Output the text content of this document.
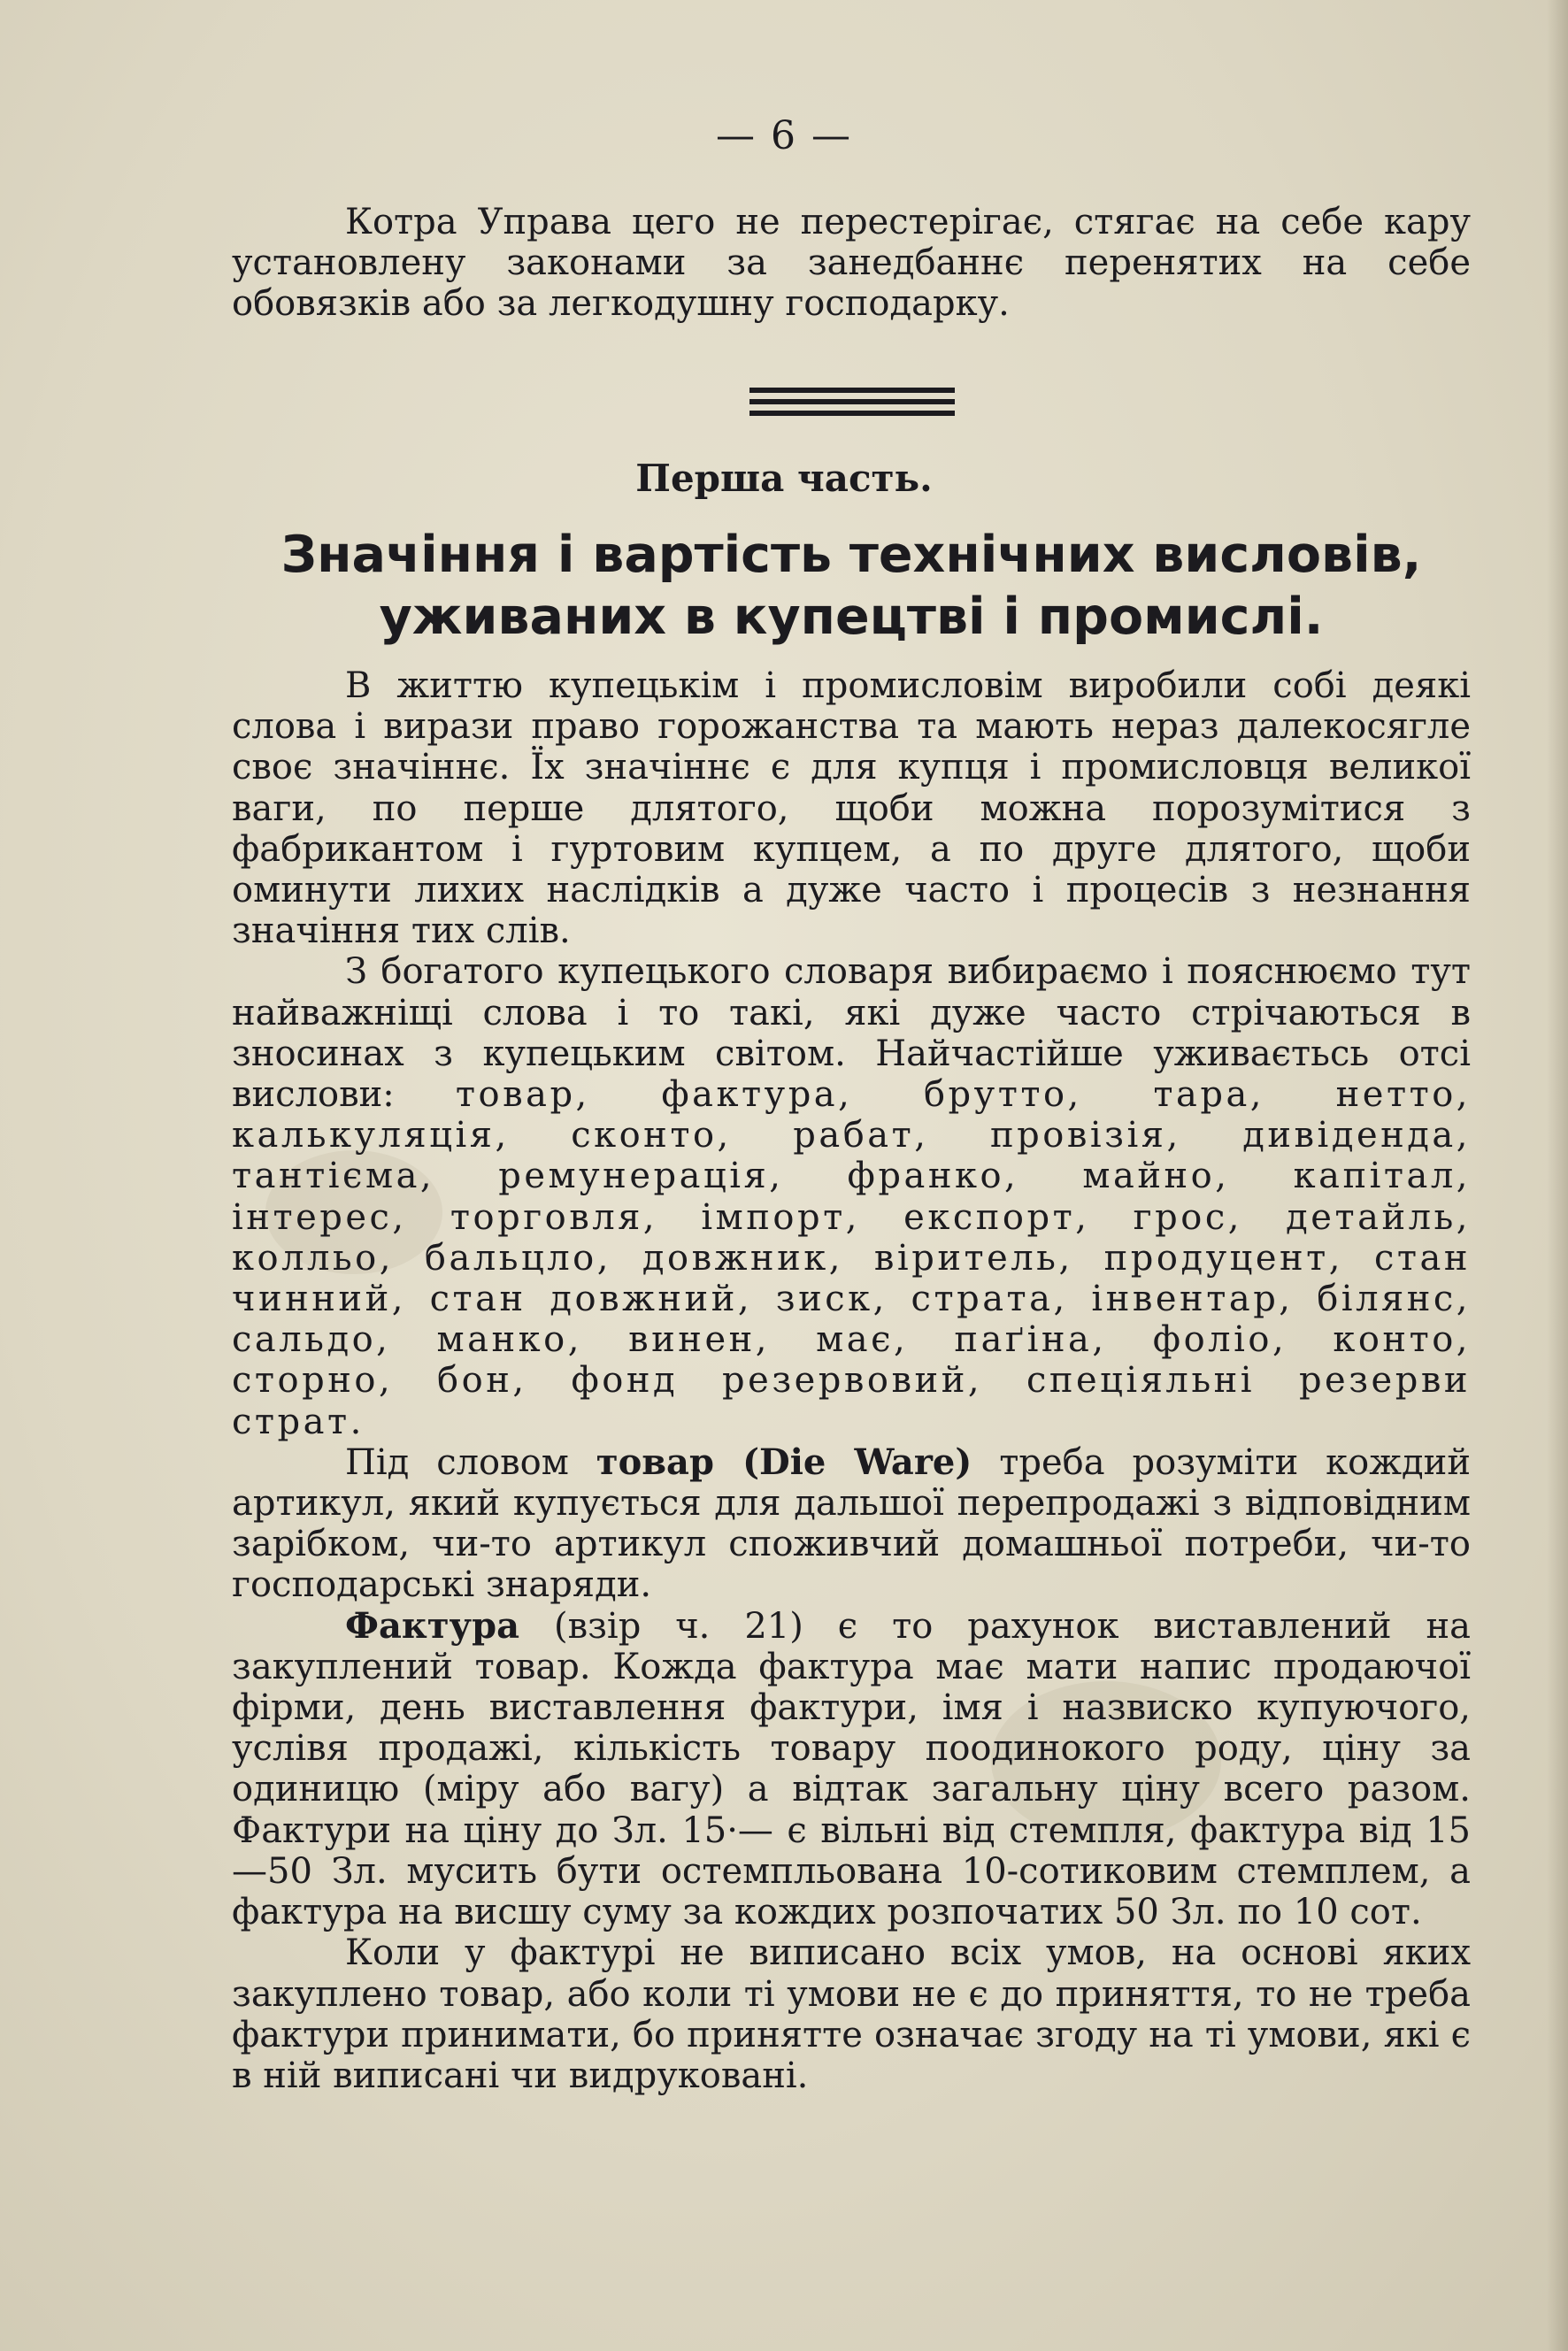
— 6 —

Котра Управа цего не перестерігає, стягає на себе кару установлену законами за занедбаннє перенятих на себе обовязків або за легкодушну господарку.

Перша часть.
Значіння і вартість технічних висловів,
уживаних в купецтві і промислі.

В життю купецькім і промисловім виробили собі деякі слова і вирази право горожанства та мають нераз далекосягле своє значіннє. Їх значіннє є для купця і промисловця великої ваги, по перше длятого, щоби можна порозумітися з фабрикантом і гуртовим купцем, а по друге длятого, щоби оминути лихих наслідків а дуже часто і процесів з незнання значіння тих слів.

З богатого купецького словаря вибираємо і пояснюємо тут найважніщі слова і то такі, які дуже часто стрічаються в зносинах з купецьким світом. Найчастійше уживаєтьсь отсі вислови: товар, фактура, брутто, тара, нетто, калькуляція, сконто, рабат, провізія, дивіденда, тантієма, ремунерація, франко, майно, капітал, інтерес, торговля, імпорт, експорт, грос, детайль, колльо, бальцло, довжник, віритель, продуцент, стан чинний, стан довжний, зиск, страта, інвентар, білянс, сальдо, манко, винен, має, паґіна, фоліо, конто, сторно, бон, фонд резервовий, спеціяльні резерви страт.

Під словом товар (Die Ware) треба розуміти кождий артикул, який купується для дальшої перепродажі з відповідним зарібком, чи-то артикул споживчий домашньої потреби, чи-то господарські знаряди.

Фактура (взір ч. 21) є то рахунок виставлений на закуплений товар. Кожда фактура має мати напис продаючої фірми, день виставлення фактури, імя і назвиско купуючого, услівя продажі, кількість товару поодинокого роду, ціну за одиницю (міру або вагу) а відтак загальну ціну всего разом. Фактури на ціну до Зл. 15·— є вільні від стемпля, фактура від 15—50 Зл. мусить бути остемпльована 10-сотиковим стемплем, а фактура на висшу суму за кождих розпочатих 50 Зл. по 10 сот.

Коли у фактурі не виписано всіх умов, на основі яких закуплено товар, або коли ті умови не є до приняття, то не треба фактури принимати, бо принятте означає згоду на ті умови, які є в ній виписані чи видруковані.
